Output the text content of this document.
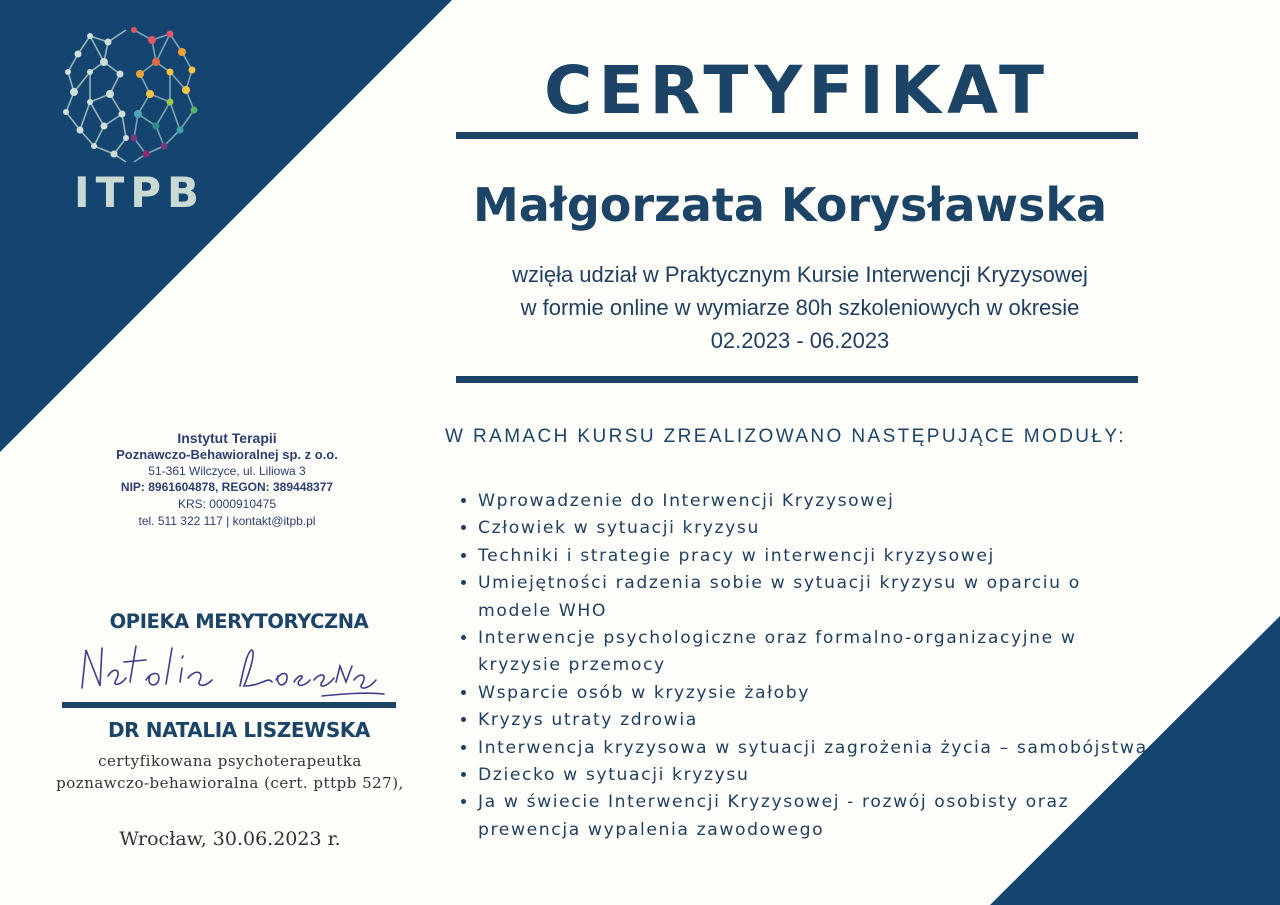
ITPB
CERTYFIKAT
Małgorzata Korysławska
wzięła udział w Praktycznym Kursie Interwencji Kryzysowej
w formie online w wymiarze 80h szkoleniowych w okresie
02.2023 - 06.2023
Instytut Terapii
Poznawczo-Behawioralnej sp. z o.o.
51-361 Wilczyce, ul. Liliowa 3
NIP: 8961604878, REGON: 389448377
KRS: 0000910475
tel. 511 322 117 | kontakt@itpb.pl
W RAMACH KURSU ZREALIZOWANO NASTĘPUJĄCE MODUŁY:
• Wprowadzenie do Interwencji Kryzysowej
• Człowiek w sytuacji kryzysu
• Techniki i strategie pracy w interwencji kryzysowej
• Umiejętności radzenia sobie w sytuacji kryzysu w oparciu o modele WHO
• Interwencje psychologiczne oraz formalno-organizacyjne w kryzysie przemocy
• Wsparcie osób w kryzysie żałoby
• Kryzys utraty zdrowia
• Interwencja kryzysowa w sytuacji zagrożenia życia – samobójstwa
• Dziecko w sytuacji kryzysu
• Ja w świecie Interwencji Kryzysowej - rozwój osobisty oraz prewencja wypalenia zawodowego
OPIEKA MERYTORYCZNA
DR NATALIA LISZEWSKA
certyfikowana psychoterapeutka
poznawczo-behawioralna (cert. pttpb 527),
Wrocław, 30.06.2023 r.
